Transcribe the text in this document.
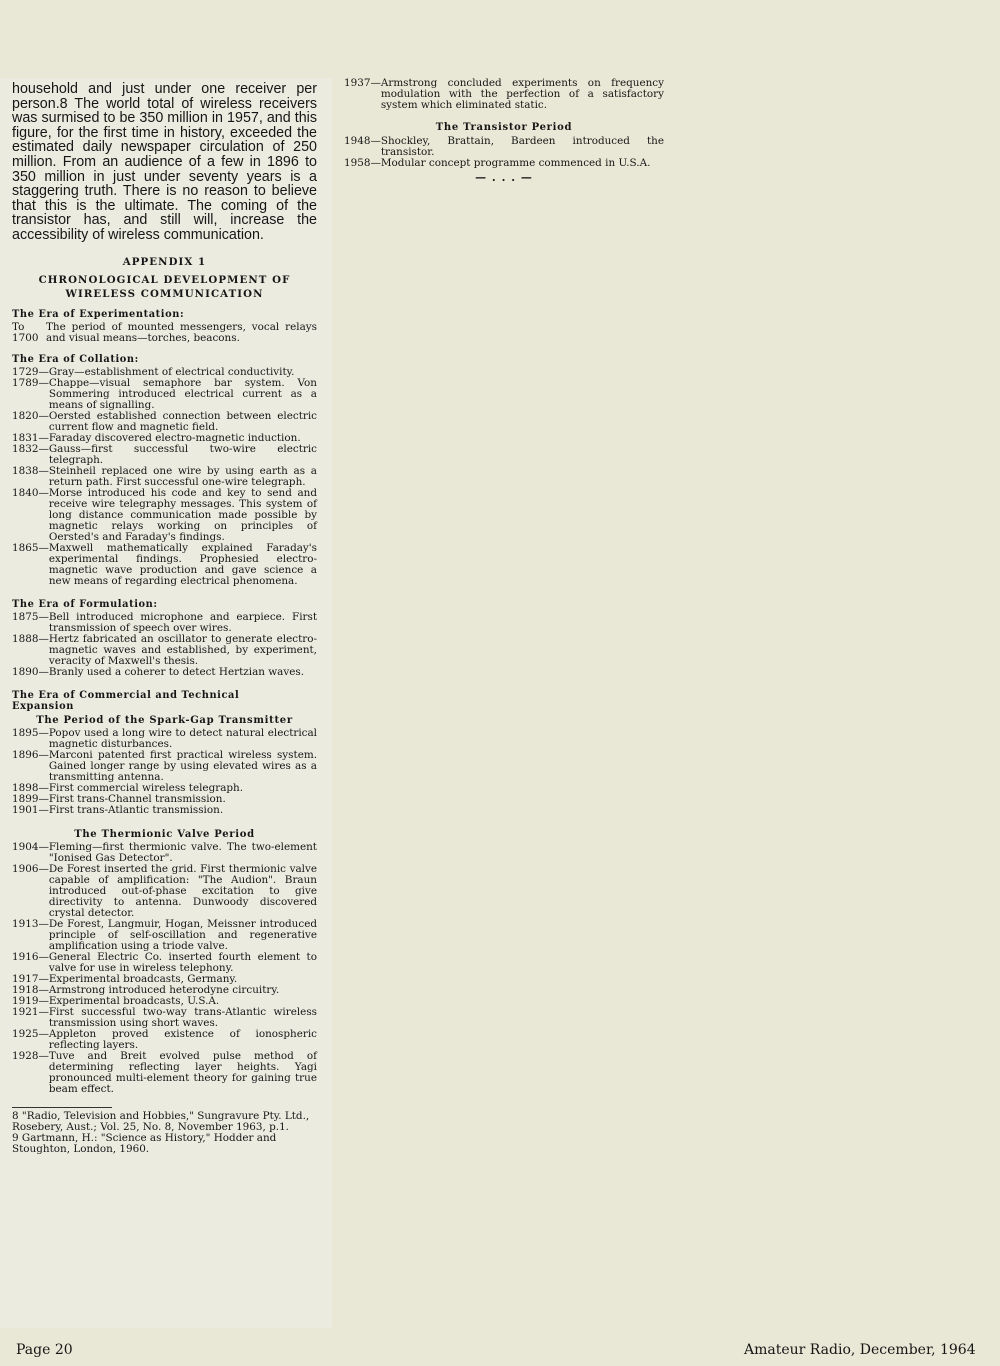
household and just under one receiver per person.8 The world total of wireless receivers was surmised to be 350 million in 1957, and this figure, for the first time in history, exceeded the estimated daily newspaper circulation of 250 million. From an audience of a few in 1896 to 350 million in just under seventy years is a staggering truth. There is no reason to believe that this is the ultimate. The coming of the transistor has, and still will, increase the accessibility of wireless communication.

APPENDIX 1

CHRONOLOGICAL DEVELOPMENT OF

WIRELESS COMMUNICATION

The Era of Experimentation:

To
1700
The period of mounted messengers, vocal relays and visual means—torches, beacons.

The Era of Collation:

1729— Gray—establishment of electrical conductivity.
1789— Chappe—visual semaphore bar system. Von Sommering introduced electrical current as a means of signalling.
1820— Oersted established connection between electric current flow and magnetic field.
1831— Faraday discovered electro-magnetic induction.
1832— Gauss—first successful two-wire electric telegraph.
1838— Steinheil replaced one wire by using earth as a return path. First successful one-wire telegraph.
1840— Morse introduced his code and key to send and receive wire telegraphy messages. This system of long distance communication made possible by magnetic relays working on principles of Oersted's and Faraday's findings.
1865— Maxwell mathematically explained Faraday's experimental findings. Prophesied electro-magnetic wave production and gave science a new means of regarding electrical phenomena.

The Era of Formulation:

1875— Bell introduced microphone and earpiece. First transmission of speech over wires.
1888— Hertz fabricated an oscillator to generate electro-magnetic waves and established, by experiment, veracity of Maxwell's thesis.
1890— Branly used a coherer to detect Hertzian waves.

The Era of Commercial and Technical

Expansion

The Period of the Spark-Gap Transmitter

1895— Popov used a long wire to detect natural electrical magnetic disturbances.
1896— Marconi patented first practical wireless system. Gained longer range by using elevated wires as a transmitting antenna.
1898— First commercial wireless telegraph.
1899— First trans-Channel transmission.
1901— First trans-Atlantic transmission.

The Thermionic Valve Period

1904— Fleming—first thermionic valve. The two-element "Ionised Gas Detector".
1906— De Forest inserted the grid. First thermionic valve capable of amplification: "The Audion". Braun introduced out-of-phase excitation to give directivity to antenna. Dunwoody discovered crystal detector.
1913— De Forest, Langmuir, Hogan, Meissner introduced principle of self-oscillation and regenerative amplification using a triode valve.
1916— General Electric Co. inserted fourth element to valve for use in wireless telephony.
1917— Experimental broadcasts, Germany.
1918— Armstrong introduced heterodyne circuitry.
1919— Experimental broadcasts, U.S.A.
1921— First successful two-way trans-Atlantic wireless transmission using short waves.
1925— Appleton proved existence of ionospheric reflecting layers.
1928— Tuve and Breit evolved pulse method of determining reflecting layer heights. Yagi pronounced multi-element theory for gaining true beam effect.

8 "Radio, Television and Hobbies," Sungravure Pty. Ltd., Rosebery, Aust.; Vol. 25, No. 8, November 1963, p.1.

9 Gartmann, H.: "Science as History," Hodder and Stoughton, London, 1960.

1937— Armstrong concluded experiments on frequency modulation with the perfection of a satisfactory system which eliminated static.

The Transistor Period

1948— Shockley, Brattain, Bardeen introduced the transistor.
1958— Modular concept programme commenced in U.S.A.

— . . . —

Page 20	Amateur Radio, December, 1964
